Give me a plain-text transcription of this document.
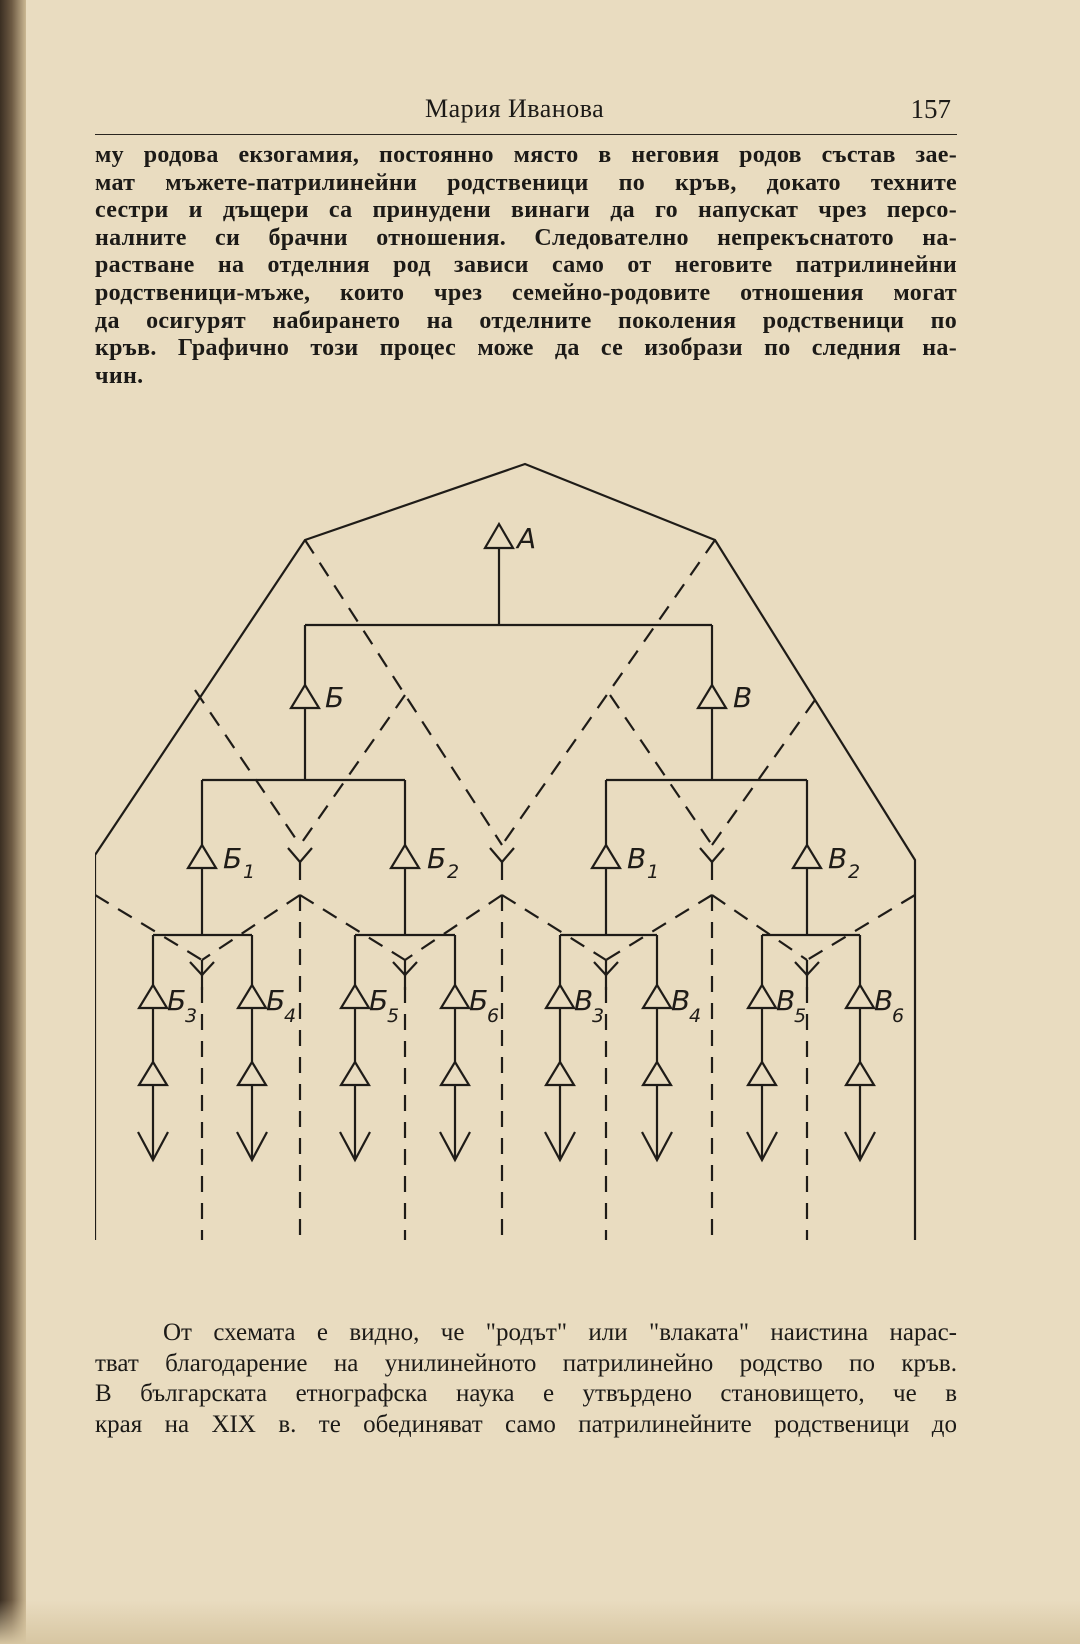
Мария Иванова	157
му родова екзогамия, постоянно място в неговия родов състав зае-
мат мъжете-патрилинейни родственици по кръв, докато техните
сестри и дъщери са принудени винаги да го напускат чрез персо-
налните си брачни отношения. Следователно непрекъснатото на-
растване на отделния род зависи само от неговите патрилинейни
родственици-мъже, които чрез семейно-родовите отношения могат
да осигурят набирането на отделните поколения родственици по
кръв. Графично този процес може да се изобрази по следния на-
чин.
А
Б	В
Б 1	Б 2	В 1	В 2
Б
3 Б
4	Б
5 Б
6	В
3 В
4	В
5 В
6
От схемата е видно, че "родът" или "влаката" наистина нарас-
тват благодарение на унилинейното патрилинейно родство по кръв.
В българската етнографска наука е утвърдено становището, че в
края на XIX в. те обединяват само патрилинейните родственици до
